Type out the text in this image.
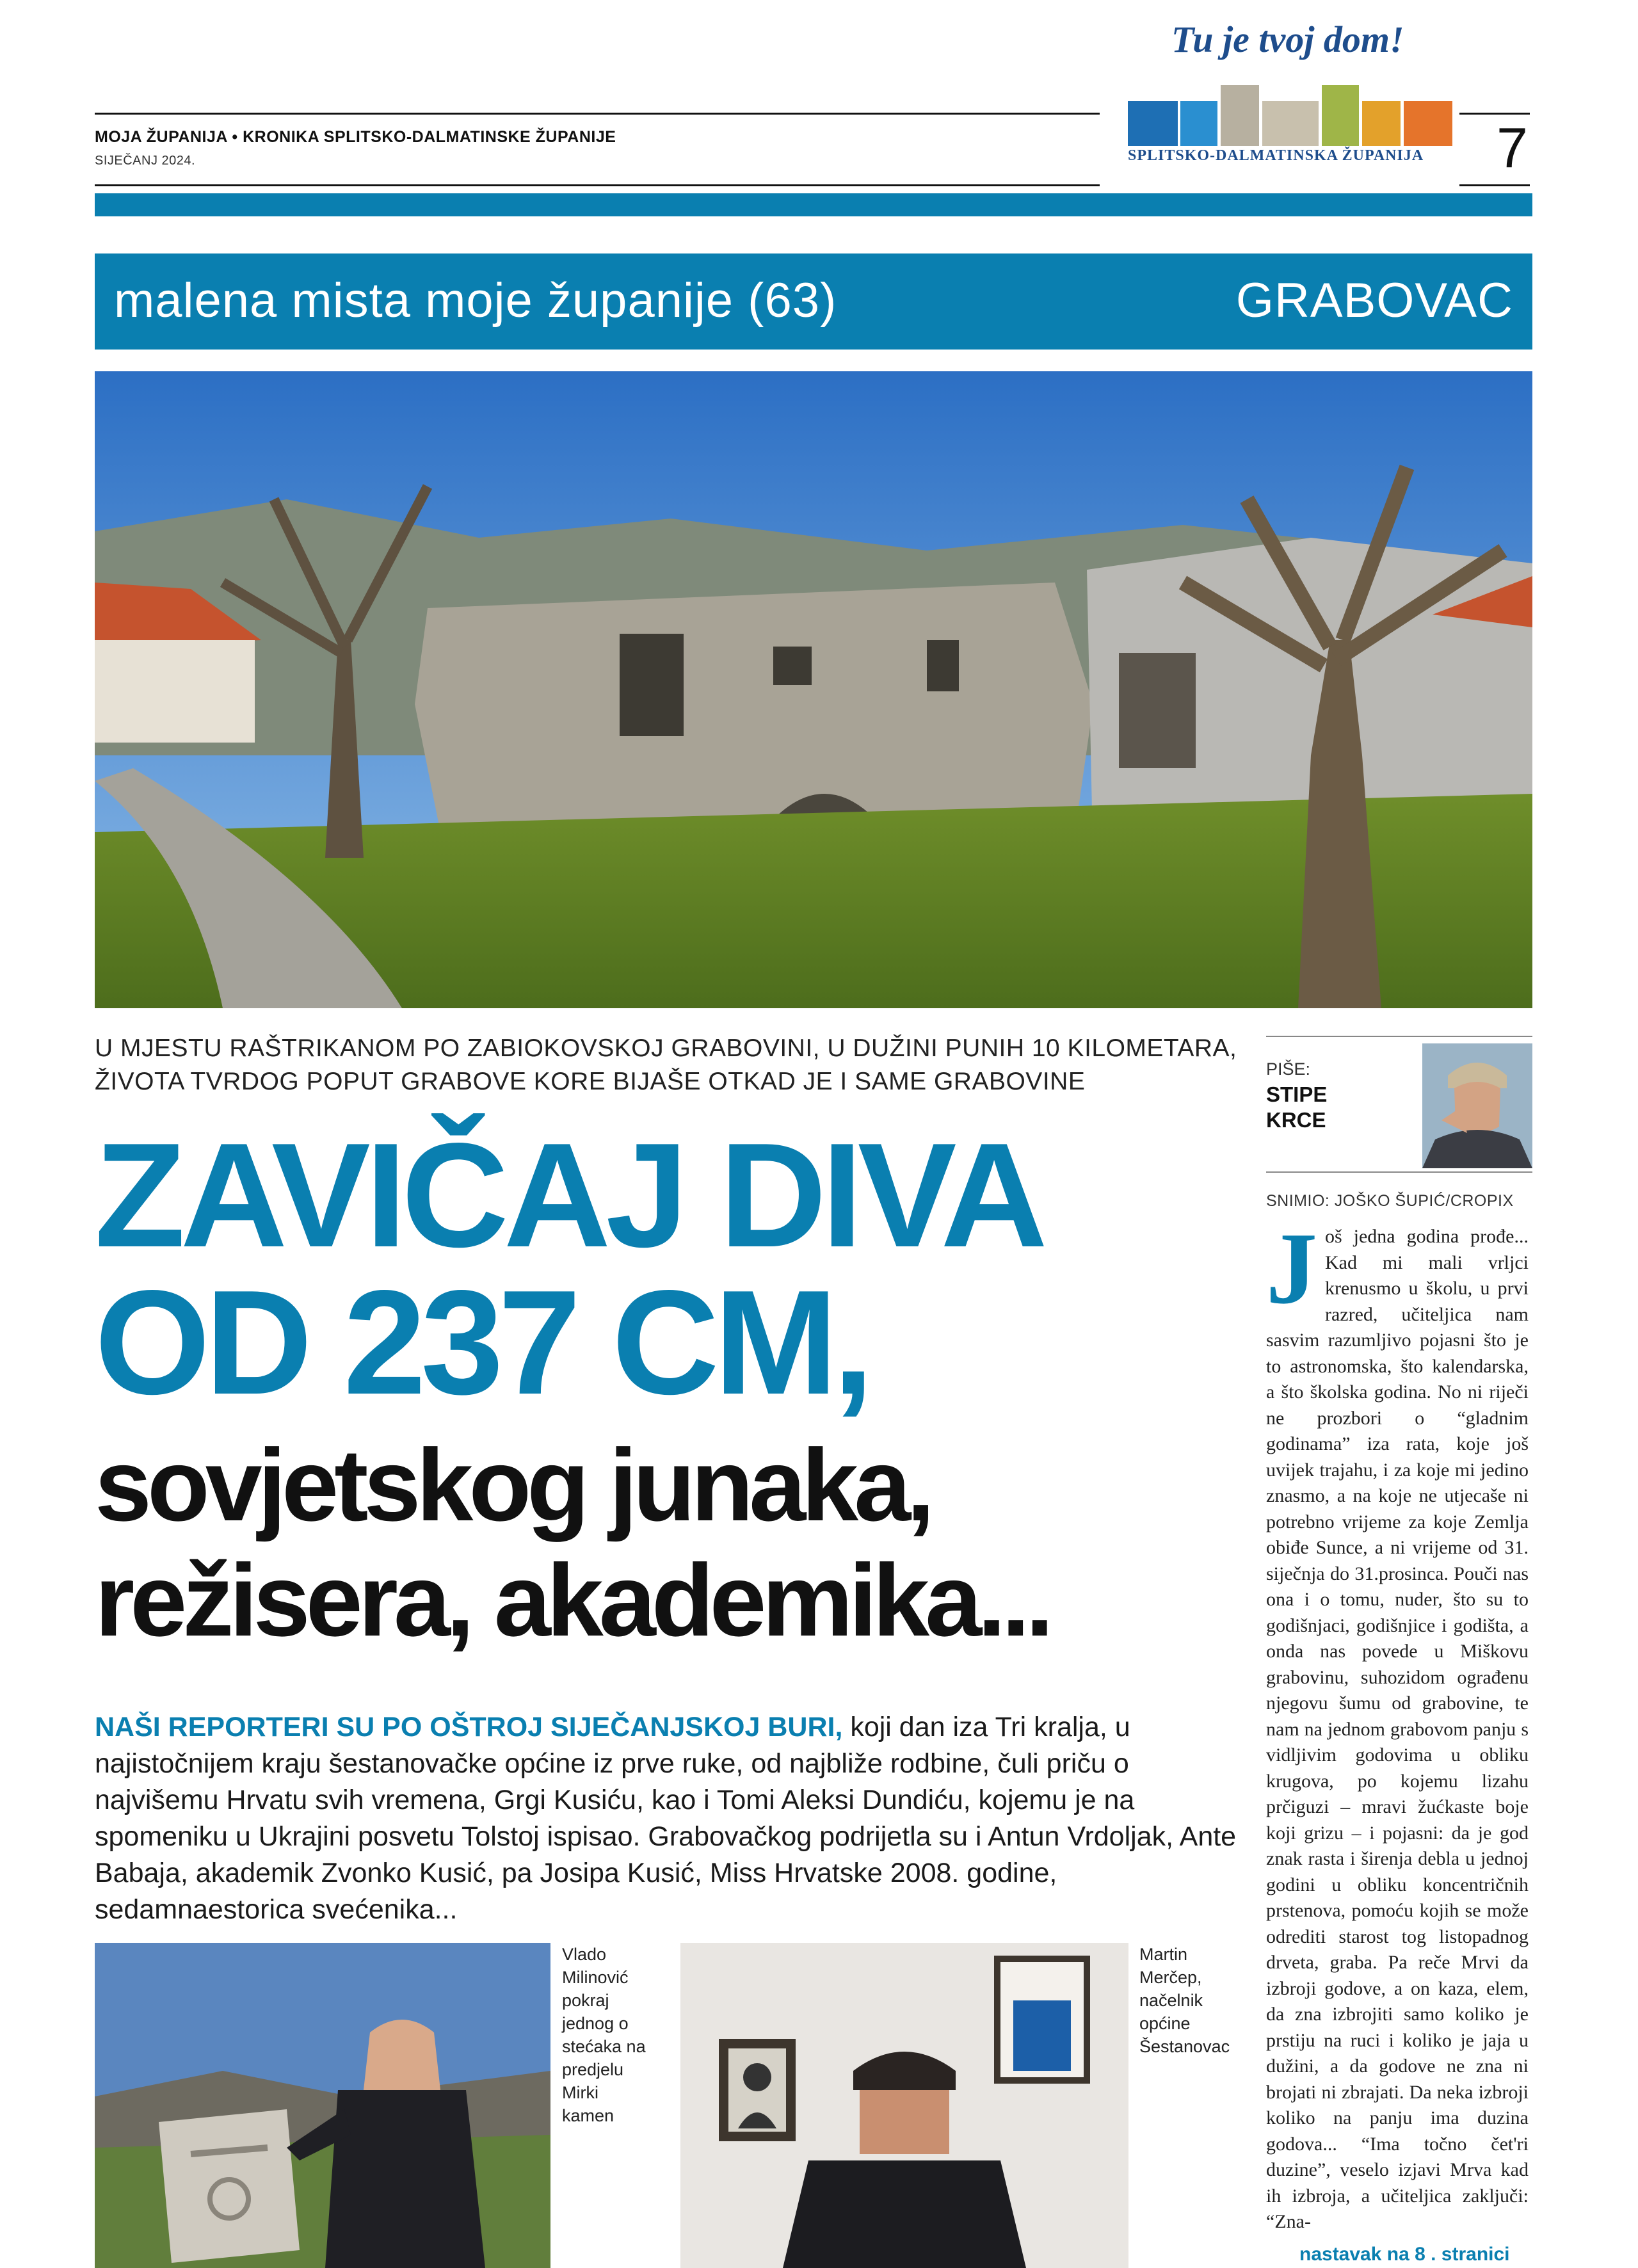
MOJA ŽUPANIJA • KRONIKA SPLITSKO-DALMATINSKE ŽUPANIJE
SIJEČANJ 2024.	7
Tu je tvoj dom!
SPLITSKO-DALMATINSKA ŽUPANIJA
malena mista moje županije (63)	GRABOVAC
U MJESTU RAŠTRIKANOM PO ZABIOKOVSKOJ GRABOVINI, U DUŽINI PUNIH 10 KILOMETARA,
ŽIVOTA TVRDOG POPUT GRABOVE KORE BIJAŠE OTKAD JE I SAME GRABOVINE
ZAVIČAJ DIVA
OD 237 CM,
sovjetskog junaka,
režisera, akademika...
NAŠI REPORTERI SU PO OŠTROJ SIJEČANJSKOJ BURI, koji dan iza Tri kralja, u najistočnijem kraju šestanovačke općine iz prve ruke, od najbliže rodbine, čuli priču o najvišemu Hrvatu svih vremena, Grgi Kusiću, kao i Tomi Aleksi Dundiću, kojemu je na spomeniku u Ukrajini posvetu Tolstoj ispisao. Grabovačkog podrijetla su i Antun Vrdoljak, Ante Babaja, akademik Zvonko Kusić, pa Josipa Kusić, Miss Hrvatske 2008. godine, sedamnaestorica svećenika...
Vlado
Milinović
pokraj
jednog o
stećaka na
predjelu
Mirki
kamen
Martin
Merčep,
načelnik
općine
Šestanovac
PIŠE:
STIPE
KRCE
SNIMIO: JOŠKO ŠUPIĆ/CROPIX
Još jedna godina prođe... Kad mi mali vrljci krenusmo u školu, u prvi razred, učiteljica nam sasvim razumljivo pojasni što je to astronomska, što kalendarska, a što školska godina. No ni riječi ne prozbori o “gladnim godinama” iza rata, koje još uvijek trajahu, i za koje mi jedino znasmo, a na koje ne utjecaše ni potrebno vrijeme za koje Zemlja obiđe Sunce, a ni vrijeme od 31. siječnja do 31.prosinca. Pouči nas ona i o tomu, nuder, što su to godišnjaci, godišnjice i godišta, a onda nas povede u Miškovu grabovinu, suhozidom ograđenu njegovu šumu od grabovine, te nam na jednom grabovom panju s vidljivim godovima u obliku krugova, po kojemu lizahu prčiguzi – mravi žućkaste boje koji grizu – i pojasni: da je god znak rasta i širenja debla u jednoj godini u obliku koncentričnih prstenova, pomoću kojih se može odrediti starost tog listopadnog drveta, graba. Pa reče Mrvi da izbroji godove, a on kaza, elem, da zna izbrojiti samo koliko je prstiju na ruci i koliko je jaja u dužini, a da godove ne zna ni brojati ni zbrajati. Da neka izbroji koliko na panju ima duzina godova... “Ima točno čet'ri duzine”, veselo izjavi Mrva kad ih izbroja, a učiteljica zaključi: “Zna-
nastavak na 8 . stranici
